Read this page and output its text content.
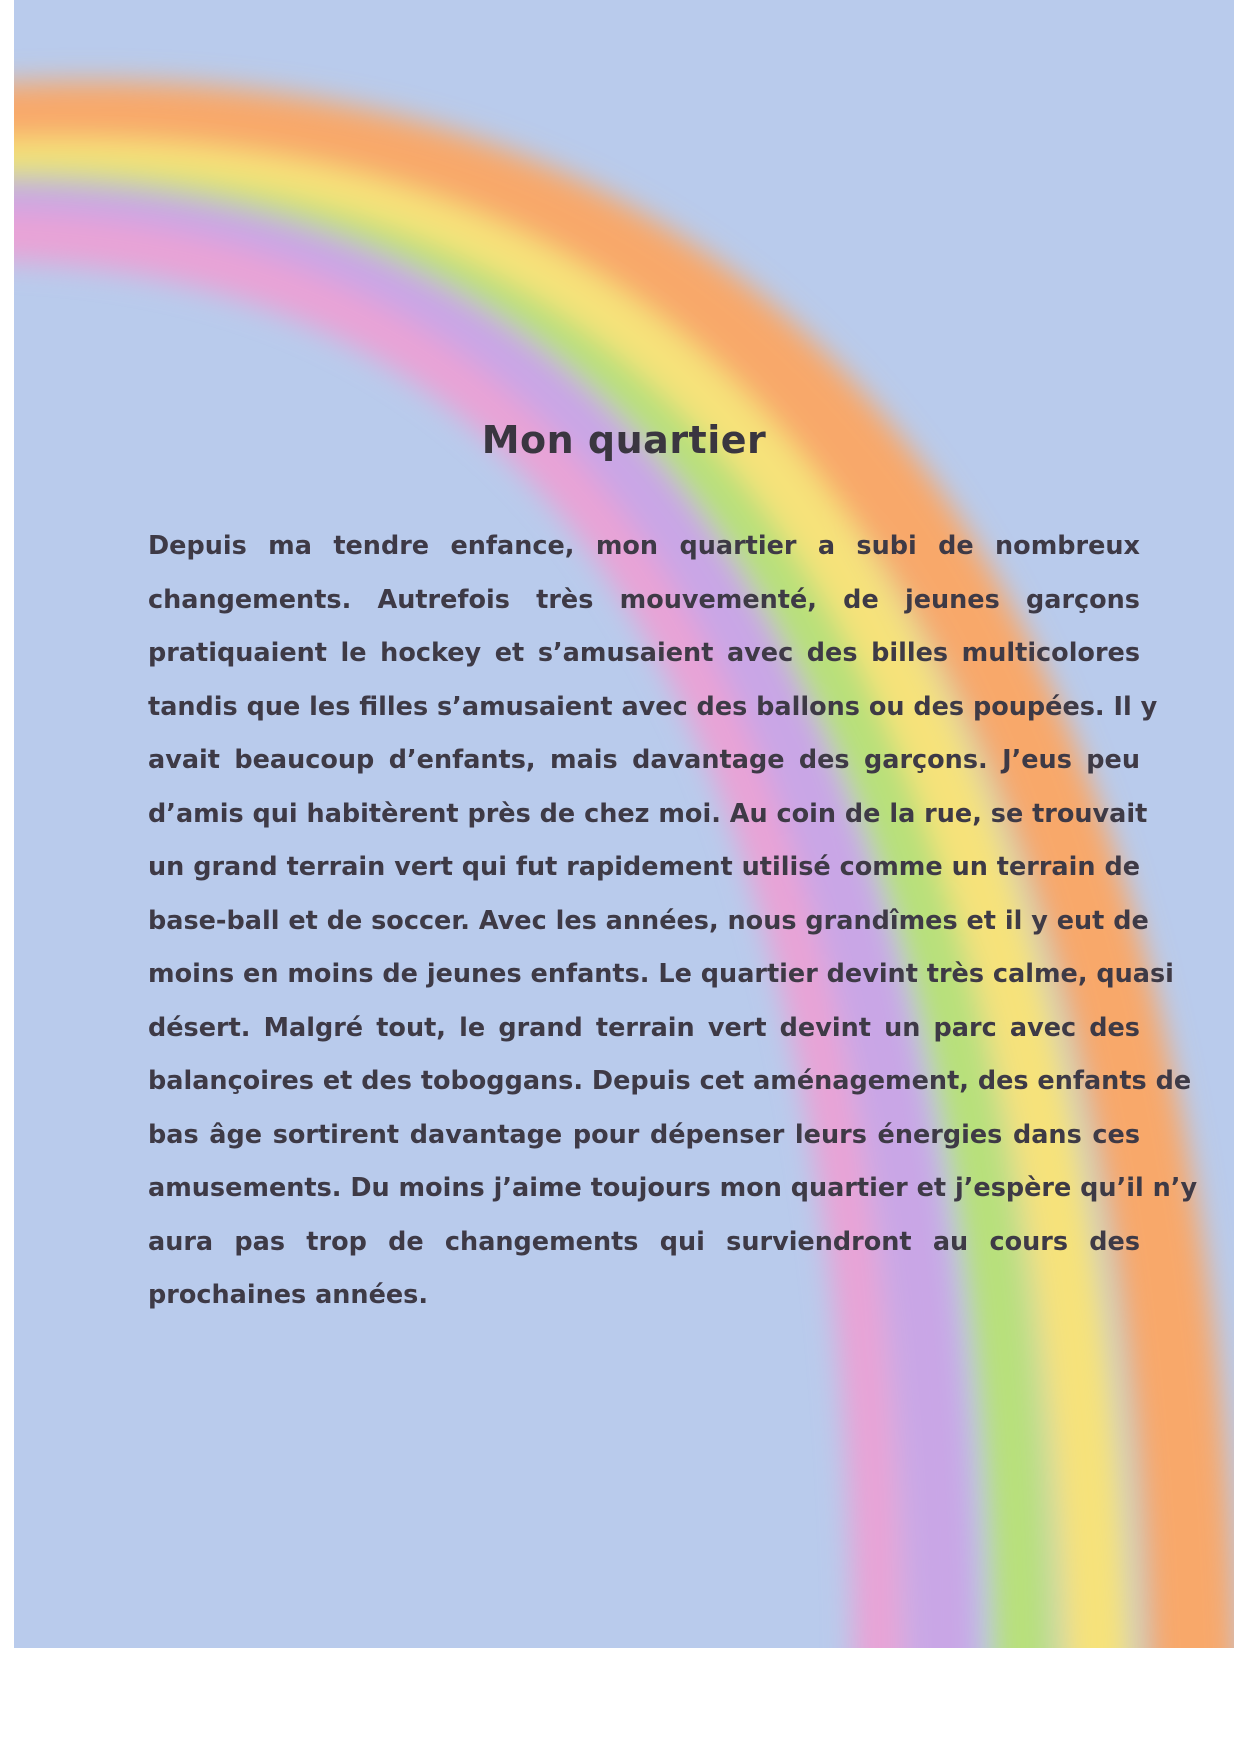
Mon quartier

Depuis ma tendre enfance, mon quartier a subi de nombreux
changements. Autrefois très mouvementé, de jeunes garçons
pratiquaient le hockey et s’amusaient avec des billes multicolores
tandis que les filles s’amusaient avec des ballons ou des poupées. Il y
avait beaucoup d’enfants, mais davantage des garçons. J’eus peu
d’amis qui habitèrent près de chez moi. Au coin de la rue, se trouvait
un grand terrain vert qui fut rapidement utilisé comme un terrain de
base-ball et de soccer. Avec les années, nous grandîmes et il y eut de
moins en moins de jeunes enfants. Le quartier devint très calme, quasi
désert. Malgré tout, le grand terrain vert devint un parc avec des
balançoires et des toboggans. Depuis cet aménagement, des enfants de
bas âge sortirent davantage pour dépenser leurs énergies dans ces
amusements. Du moins j’aime toujours mon quartier et j’espère qu’il n’y
aura pas trop de changements qui surviendront au cours des
prochaines années.
